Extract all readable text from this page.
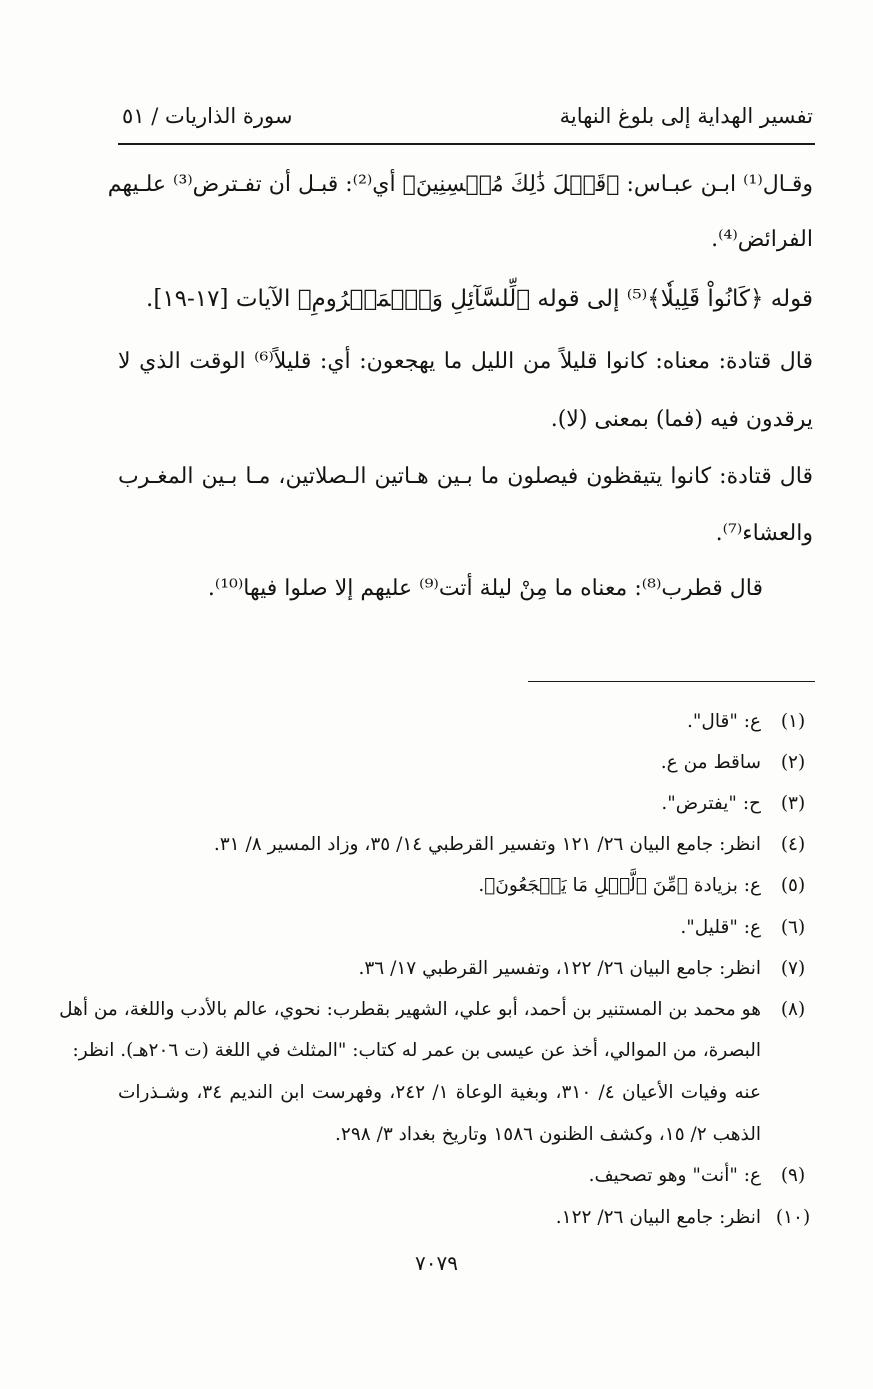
تفسير الهداية إلى بلوغ النهاية
سورة الذاريات / ٥١
وقـال⁽¹⁾ ابـن عبـاس: ﴿قَبۡلَ ذَٰلِكَ مُحۡسِنِينَ﴾ أي⁽²⁾: قبـل أن تفـترض⁽³⁾ علـيهم
الفرائض⁽⁴⁾.
قوله ﴿كَانُواْ قَلِيلٗا﴾⁽⁵⁾ إلى قوله ﴿لِّلسَّآئِلِ وَٱلۡمَحۡرُومِ﴾ الآيات [١٧-١٩].
قال قتادة: معناه: كانوا قليلاً من الليل ما يهجعون: أي: قليلاً⁽⁶⁾ الوقت الذي لا
يرقدون فيه (فما) بمعنى (لا).
قال قتادة: كانوا يتيقظون فيصلون ما بـين هـاتين الـصلاتين، مـا بـين المغـرب
والعشاء⁽⁷⁾.
قال قطرب⁽⁸⁾: معناه ما مِنْ ليلة أتت⁽⁹⁾ عليهم إلا صلوا فيها⁽¹⁰⁾.
(١)
ع: "قال".
(٢)
ساقط من ع.
(٣)
ح: "يفترض".
(٤)
انظر: جامع البيان ٢٦/ ١٢١ وتفسير القرطبي ١٤/ ٣٥، وزاد المسير ٨/ ٣١.
(٥)
ع: بزيادة ﴿مِّنَ ٱلَّيۡلِ مَا يَهۡجَعُونَ﴾.
(٦)
ع: "قليل".
(٧)
انظر: جامع البيان ٢٦/ ١٢٢، وتفسير القرطبي ١٧/ ٣٦.
(٨)
هو محمد بن المستنير بن أحمد، أبو علي، الشهير بقطرب: نحوي، عالم بالأدب واللغة، من أهل
البصرة، من الموالي، أخذ عن عيسى بن عمر له كتاب: "المثلث في اللغة (ت ٢٠٦هـ). انظر:
عنه وفيات الأعيان ٤/ ٣١٠، وبغية الوعاة ١/ ٢٤٢، وفهرست ابن النديم ٣٤، وشـذرات
الذهب ٢/ ١٥، وكشف الظنون ١٥٨٦ وتاريخ بغداد ٣/ ٢٩٨.
(٩)
ع: "أنت" وهو تصحيف.
(١٠)
انظر: جامع البيان ٢٦/ ١٢٢.
٧٠٧٩
